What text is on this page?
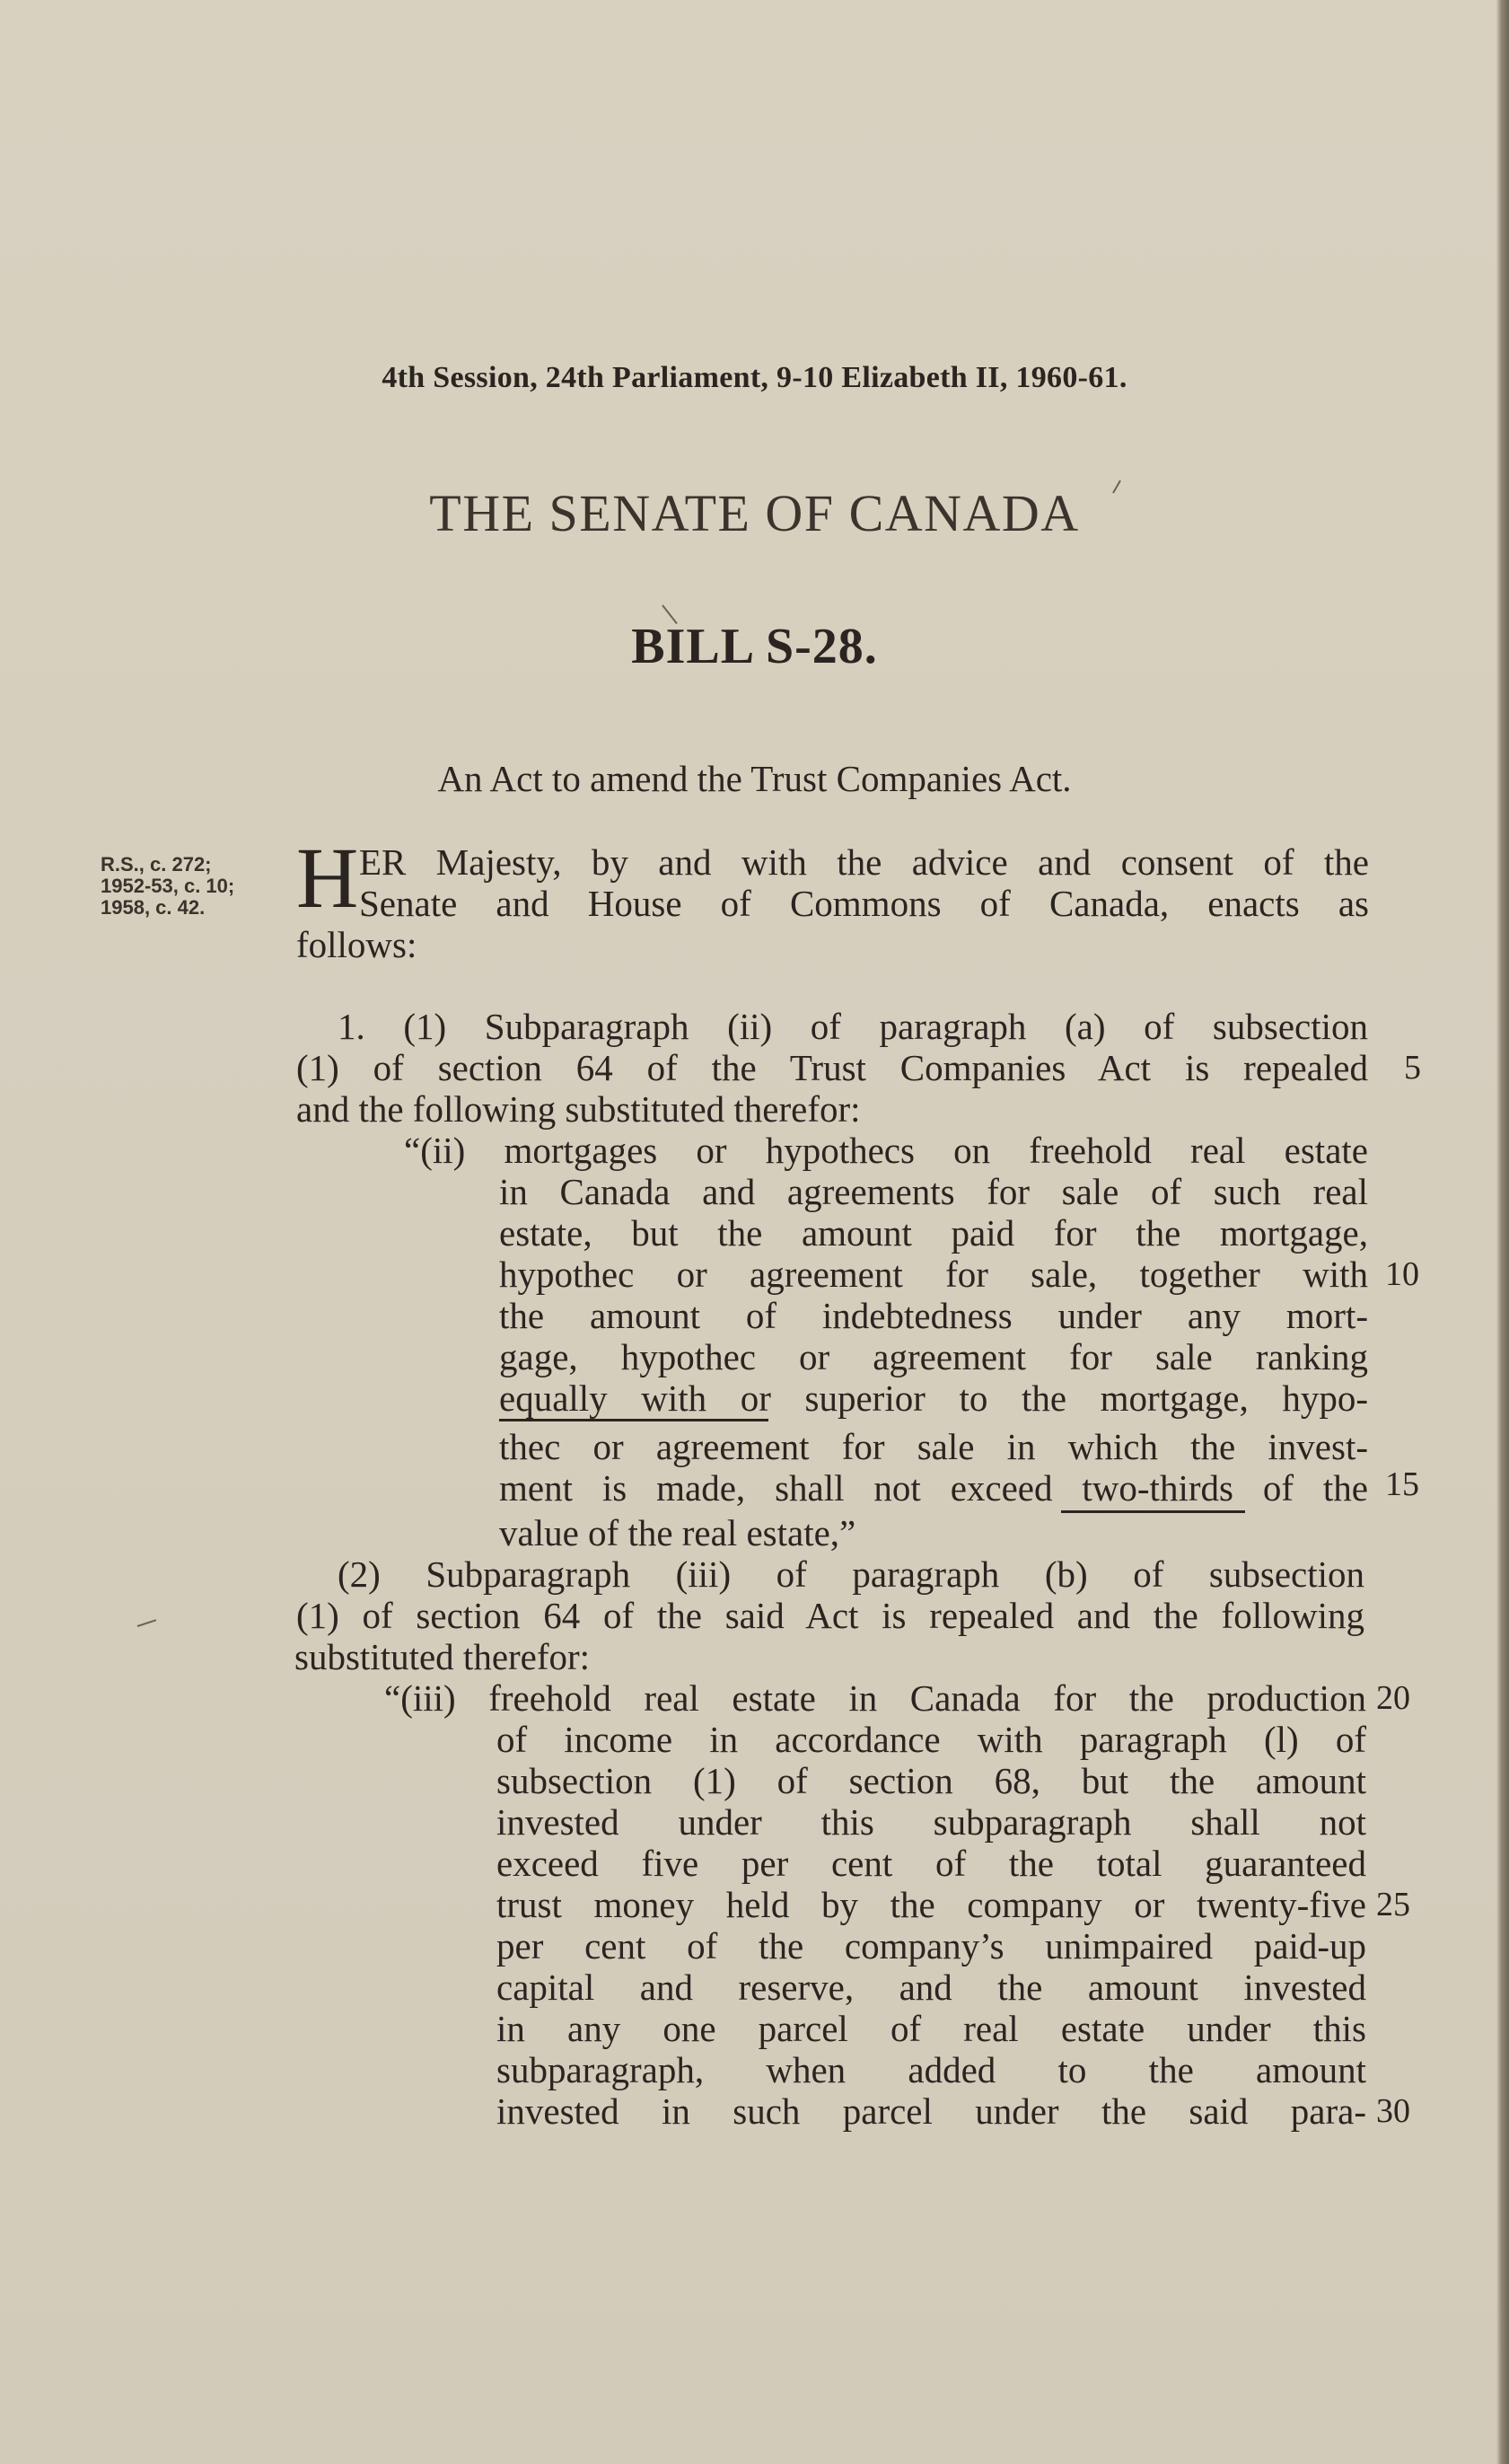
4th Session, 24th Parliament, 9-10 Elizabeth II, 1960-61.
THE SENATE OF CANADA
BILL S-28.
An Act to amend the Trust Companies Act.
R.S., c. 272;
1952-53, c. 10;
1958, c. 42. H ER Majesty, by and with the advice and consent of the
Senate and House of Commons of Canada, enacts as
follows:
1. (1) Subparagraph (ii) of paragraph (a) of subsection
(1) of section 64 of the Trust Companies Act is repealed
and the following substituted therefor:
“(ii) mortgages or hypothecs on freehold real estate
in Canada and agreements for sale of such real
estate, but the amount paid for the mortgage,
hypothec or agreement for sale, together with
the amount of indebtedness under any mort-
gage, hypothec or agreement for sale ranking
equally with or superior to the mortgage, hypo-
thec or agreement for sale in which the invest-
ment is made, shall not exceed two-thirds of the
value of the real estate,”
(2) Subparagraph (iii) of paragraph (b) of subsection
(1) of section 64 of the said Act is repealed and the following
substituted therefor:
“(iii) freehold real estate in Canada for the production
of income in accordance with paragraph (l) of
subsection (1) of section 68, but the amount
invested under this subparagraph shall not
exceed five per cent of the total guaranteed
trust money held by the company or twenty-five
per cent of the company’s unimpaired paid-up
capital and reserve, and the amount invested
in any one parcel of real estate under this
subparagraph, when added to the amount
invested in such parcel under the said para-
5
10
15
20
25
30
